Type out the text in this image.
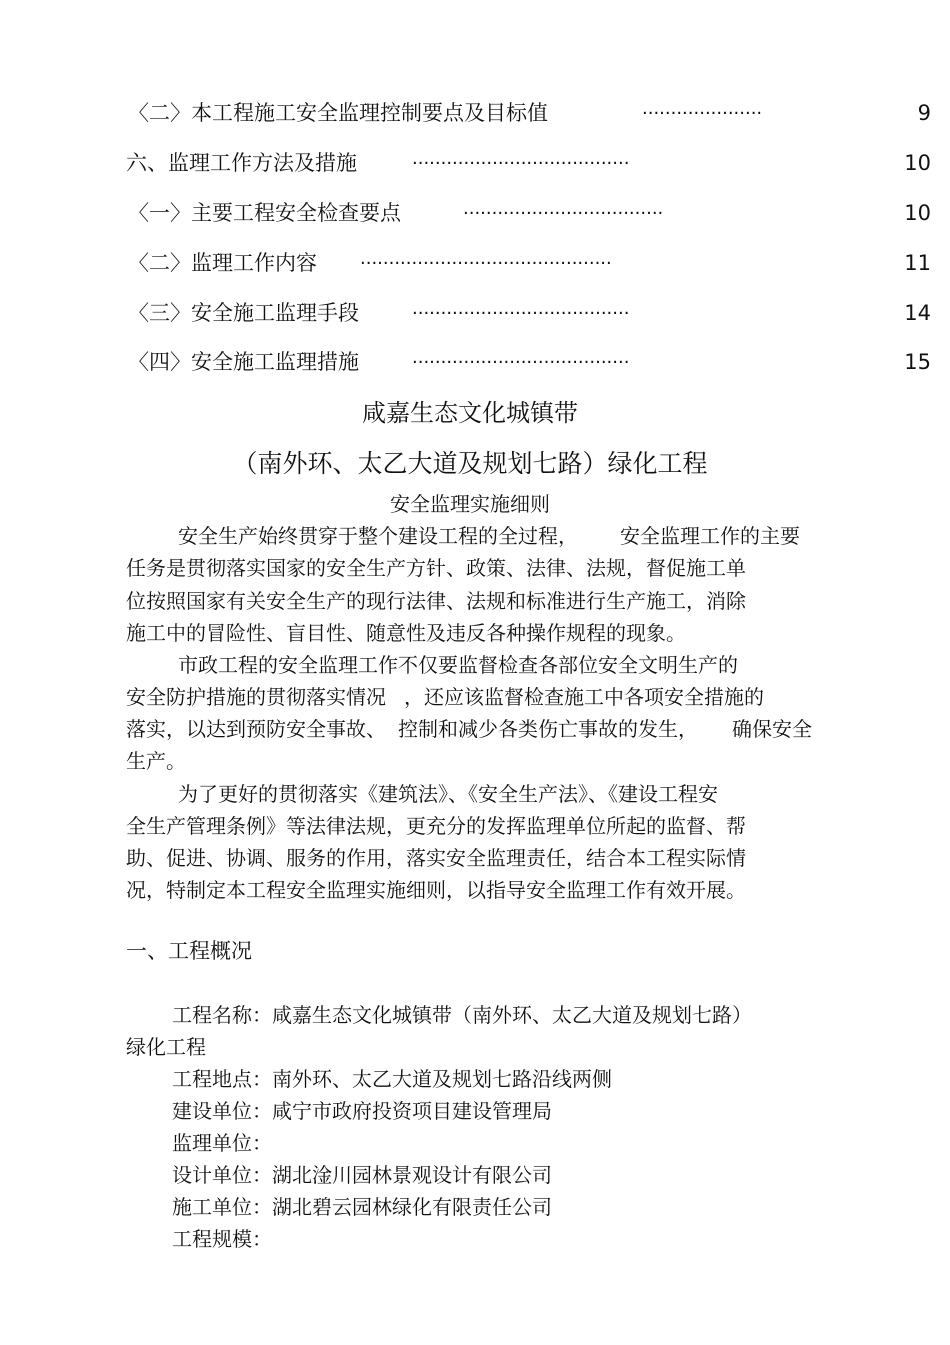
〈二〉本工程施工安全监理控制要点及目标值	.....................	9
六、监理工作方法及措施	......................................	10
〈一〉主要工程安全检查要点	...................................	10
〈二〉监理工作内容 ............................................	11
〈三〉安全施工监理手段	......................................	14
〈四〉安全施工监理措施	......................................	15
咸嘉生态文化城镇带
（南外环、太乙大道及规划七路）绿化工程
安全监理实施细则
安全生产始终贯穿于整个建设工程的全过程， 安全监理工作的主要
任务是贯彻落实国家的安全生产方针、政策、法律、法规，督促施工单
位按照国家有关安全生产的现行法律、法规和标准进行生产施工，消除
施工中的冒险性、盲目性、随意性及违反各种操作规程的现象。
市政工程的安全监理工作不仅要监督检查各部位安全文明生产的
安全防护措施的贯彻落实情况 ，还应该监督检查施工中各项安全措施的
落实，以达到预防安全事故、 控制和减少各类伤亡事故的发生， 确保安全
生产。
为了更好的贯彻落实《建筑法》、《安全生产法》、《建设工程安
全生产管理条例》等法律法规，更充分的发挥监理单位所起的监督、帮
助、促进、协调、服务的作用，落实安全监理责任，结合本工程实际情
况，特制定本工程安全监理实施细则，以指导安全监理工作有效开展。
一、工程概况
工程名称：咸嘉生态文化城镇带（南外环、太乙大道及规划七路）
绿化工程
工程地点：南外环、太乙大道及规划七路沿线两侧
建设单位：咸宁市政府投资项目建设管理局
监理单位：
设计单位：湖北淦川园林景观设计有限公司
施工单位：湖北碧云园林绿化有限责任公司
工程规模：
